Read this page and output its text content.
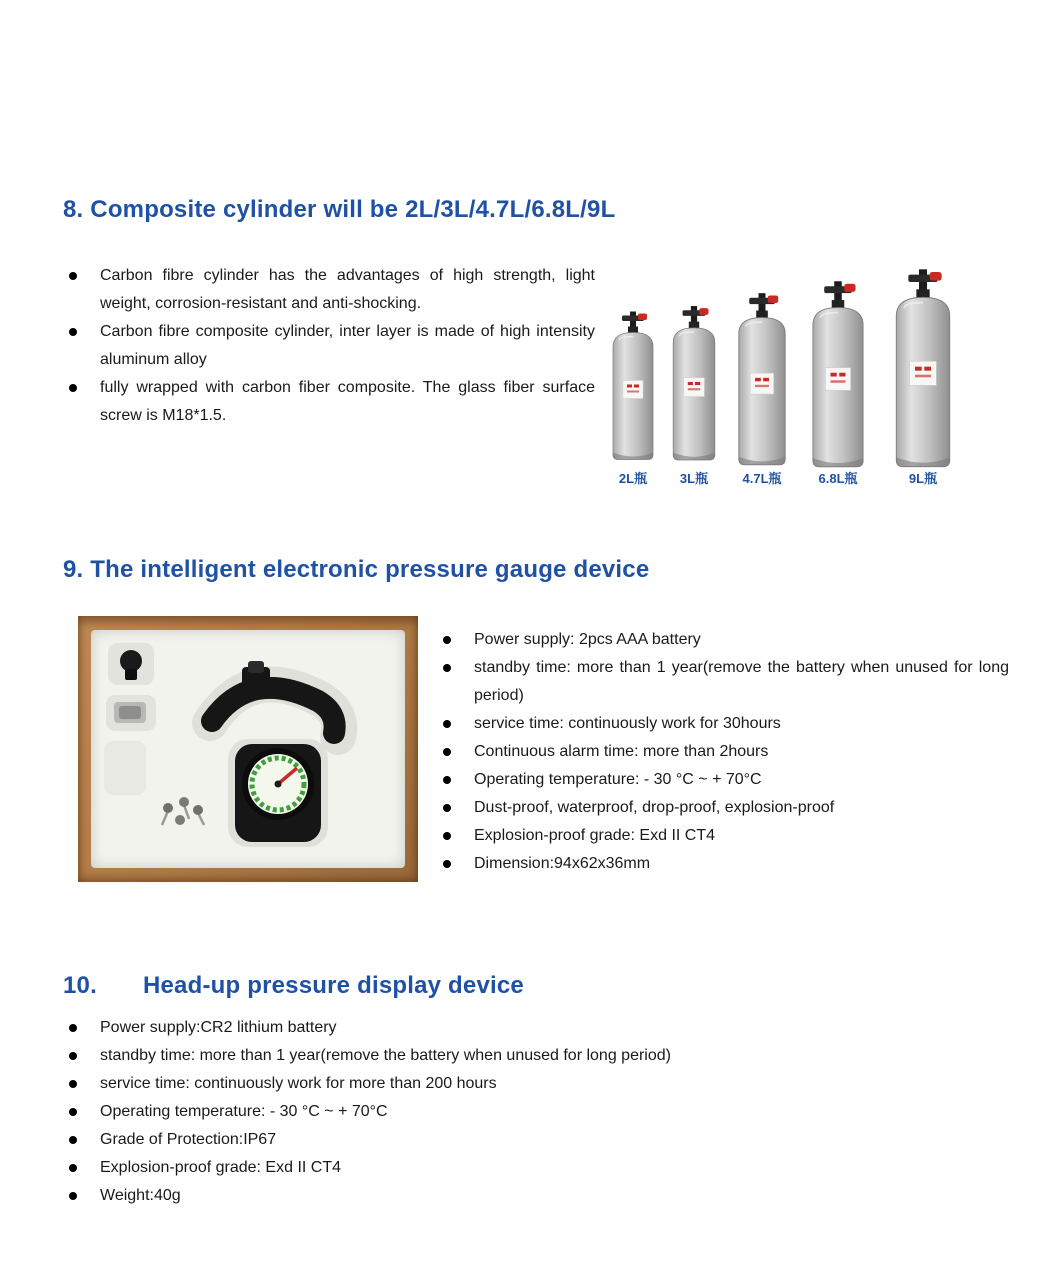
8. Composite cylinder will be 2L/3L/4.7L/6.8L/9L
Carbon fibre cylinder has the advantages of high strength, light weight, corrosion-resistant and anti-shocking.
Carbon fibre composite cylinder, inter layer is made of high intensity aluminum alloy
fully wrapped with carbon fiber composite. The glass fiber surface screw is M18*1.5.
2L瓶	3L瓶	4.7L瓶	6.8L瓶	9L瓶
9. The intelligent electronic pressure gauge device
Power supply: 2pcs AAA battery
standby time: more than 1 year(remove the battery when unused for long period)
service time: continuously work for 30hours
Continuous alarm time: more than 2hours
Operating temperature: - 30 °C ~ + 70°C
Dust-proof, waterproof, drop-proof, explosion-proof
Explosion-proof grade: Exd II CT4
Dimension:94x62x36mm
10. Head-up pressure display device
Power supply:CR2 lithium battery
standby time: more than 1 year(remove the battery when unused for long period)
service time: continuously work for more than 200 hours
Operating temperature: - 30 °C ~ + 70°C
Grade of Protection:IP67
Explosion-proof grade: Exd II CT4
Weight:40g
